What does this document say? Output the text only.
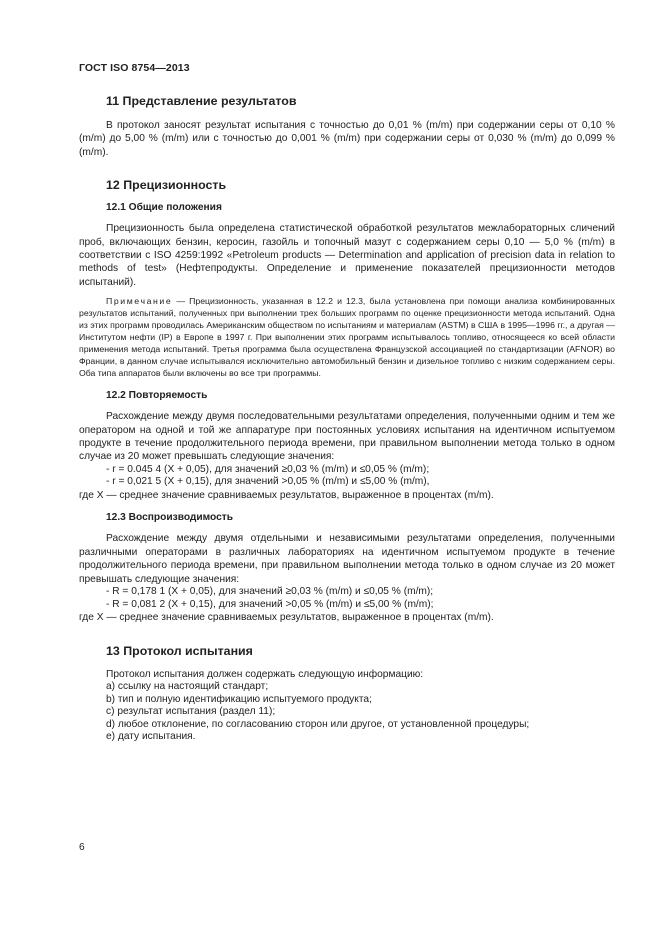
ГОСТ ISO 8754—2013
11 Представление результатов

В протокол заносят результат испытания с точностью до 0,01 % (m/m) при содержании серы от 0,10 % (m/m) до 5,00 % (m/m) или с точностью до 0,001 % (m/m) при содержании серы от 0,030 % (m/m) до 0,099 % (m/m).

12 Прецизионность
12.1 Общие положения

Прецизионность была определена статистической обработкой результатов межлабораторных сличений проб, включающих бензин, керосин, газойль и топочный мазут с содержанием серы 0,10 — 5,0 % (m/m) в соответствии с ISO 4259:1992 «Petroleum products — Determination and application of precision data in relation to methods of test» (Нефтепродукты. Определение и применение показателей прецизионности методов испытаний).

Примечание — Прецизионность, указанная в 12.2 и 12.3, была установлена при помощи анализа комбинированных результатов испытаний, полученных при выполнении трех больших программ по оценке прецизионности метода испытаний. Одна из этих программ проводилась Американским обществом по испытаниям и материалам (ASTM) в США в 1995—1996 гг., а другая — Институтом нефти (IP) в Европе в 1997 г. При выполнении этих программ испытывалось топливо, относящееся ко всей области применения метода испытаний. Третья программа была осуществлена Французской ассоциацией по стандартизации (AFNOR) во Франции, в данном случае испытывался исключительно автомобильный бензин и дизельное топливо с низким содержанием серы. Оба типа аппаратов были включены во все три программы.

12.2 Повторяемость

Расхождение между двумя последовательными результатами определения, полученными одним и тем же оператором на одной и той же аппаратуре при постоянных условиях испытания на идентичном испытуемом продукте в течение продолжительного периода времени, при правильном выполнении метода только в одном случае из 20 может превышать следующие значения:

- r = 0.045 4 (X + 0,05), для значений ≥0,03 % (m/m) и ≤0,05 % (m/m);
- r = 0,021 5 (X + 0,15), для значений >0,05 % (m/m) и ≤5,00 % (m/m),

где X — среднее значение сравниваемых результатов, выраженное в процентах (m/m).

12.3 Воспроизводимость

Расхождение между двумя отдельными и независимыми результатами определения, полученными различными операторами в различных лабораториях на идентичном испытуемом продукте в течение продолжительного периода времени, при правильном выполнении метода только в одном случае из 20 может превышать следующие значения:

- R = 0,178 1 (X + 0,05), для значений ≥0,03 % (m/m) и ≤0,05 % (m/m);
- R = 0,081 2 (X + 0,15), для значений >0,05 % (m/m) и ≤5,00 % (m/m);

где X — среднее значение сравниваемых результатов, выраженное в процентах (m/m).

13 Протокол испытания

Протокол испытания должен содержать следующую информацию:

a) ссылку на настоящий стандарт;
b) тип и полную идентификацию испытуемого продукта;
c) результат испытания (раздел 11);
d) любое отклонение, по согласованию сторон или другое, от установленной процедуры;
e) дату испытания.
6
